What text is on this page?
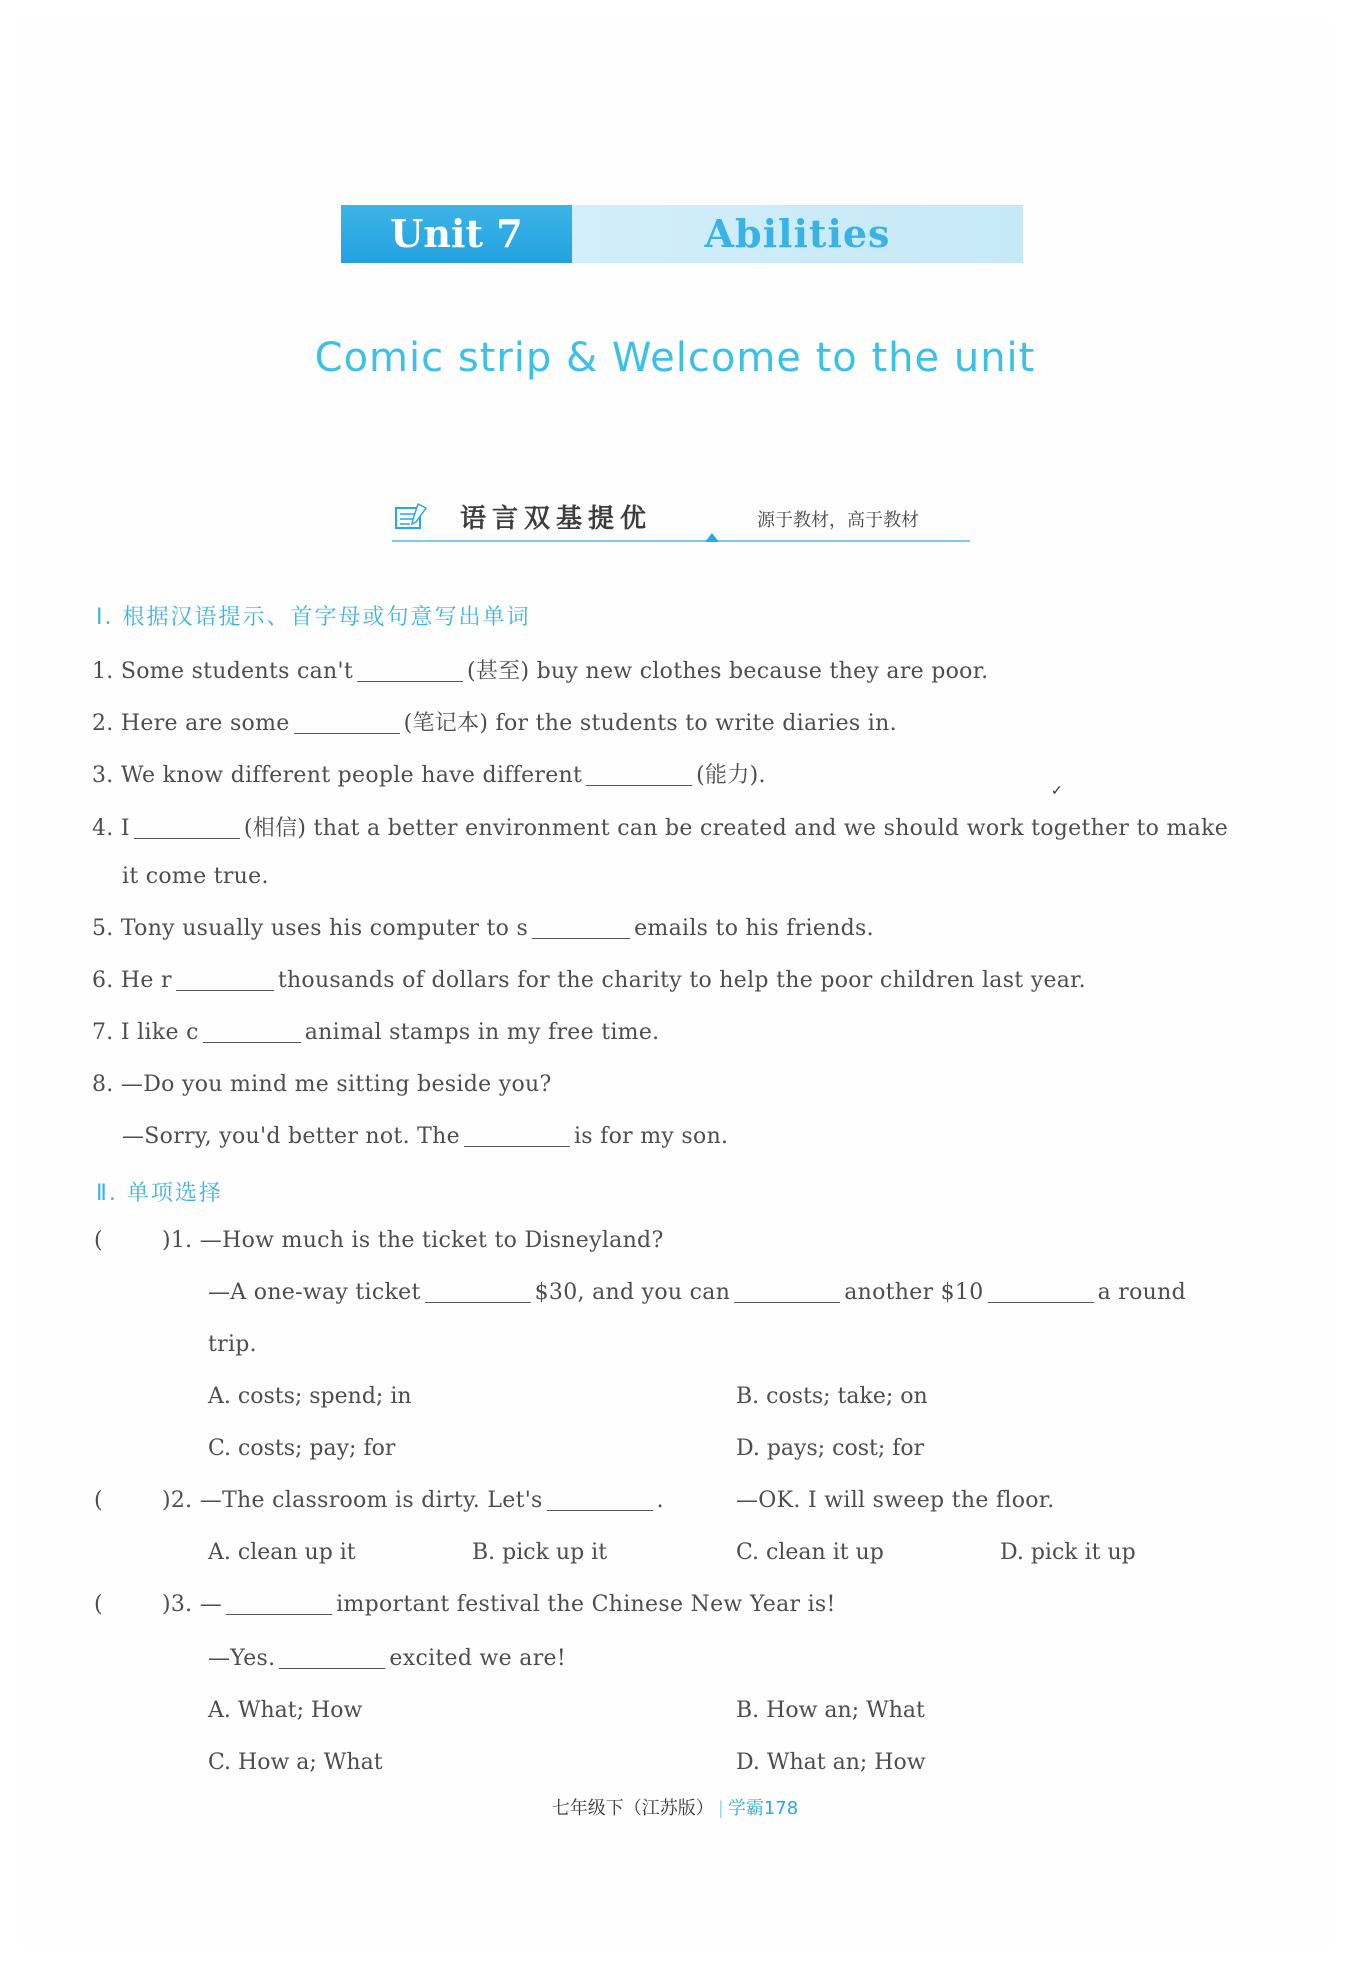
Unit 7	Abilities
Comic strip & Welcome to the unit
语言双基提优	源于教材，高于教材
Ⅰ. 根据汉语提示、首字母或句意写出单词
1. Some students can't	(甚至) buy new clothes because they are poor.
2. Here are some	(笔记本) for the students to write diaries in.
3. We know different people have different	(能力).
✓
4. I	(相信) that a better environment can be created and we should work together to make
it come true.
5. Tony usually uses his computer to s	emails to his friends.
6. He r	thousands of dollars for the charity to help the poor children last year.
7. I like c	animal stamps in my free time.
8. —Do you mind me sitting beside you?
—Sorry, you'd better not. The	is for my son.
Ⅱ. 单项选择
(	)1. —How much is the ticket to Disneyland?
—A one-way ticket	$30, and you can	another $10	a round
trip.
A. costs; spend; in	B. costs; take; on
C. costs; pay; for	D. pays; cost; for
(	)2. —The classroom is dirty. Let's	.	—OK. I will sweep the floor.
A. clean up it	B. pick up it	C. clean it up	D. pick it up
(	)3. —	important festival the Chinese New Year is!
—Yes.	excited we are!
A. What; How	B. How an; What
C. How a; What	D. What an; How
七年级下（江苏版） | 学霸178
